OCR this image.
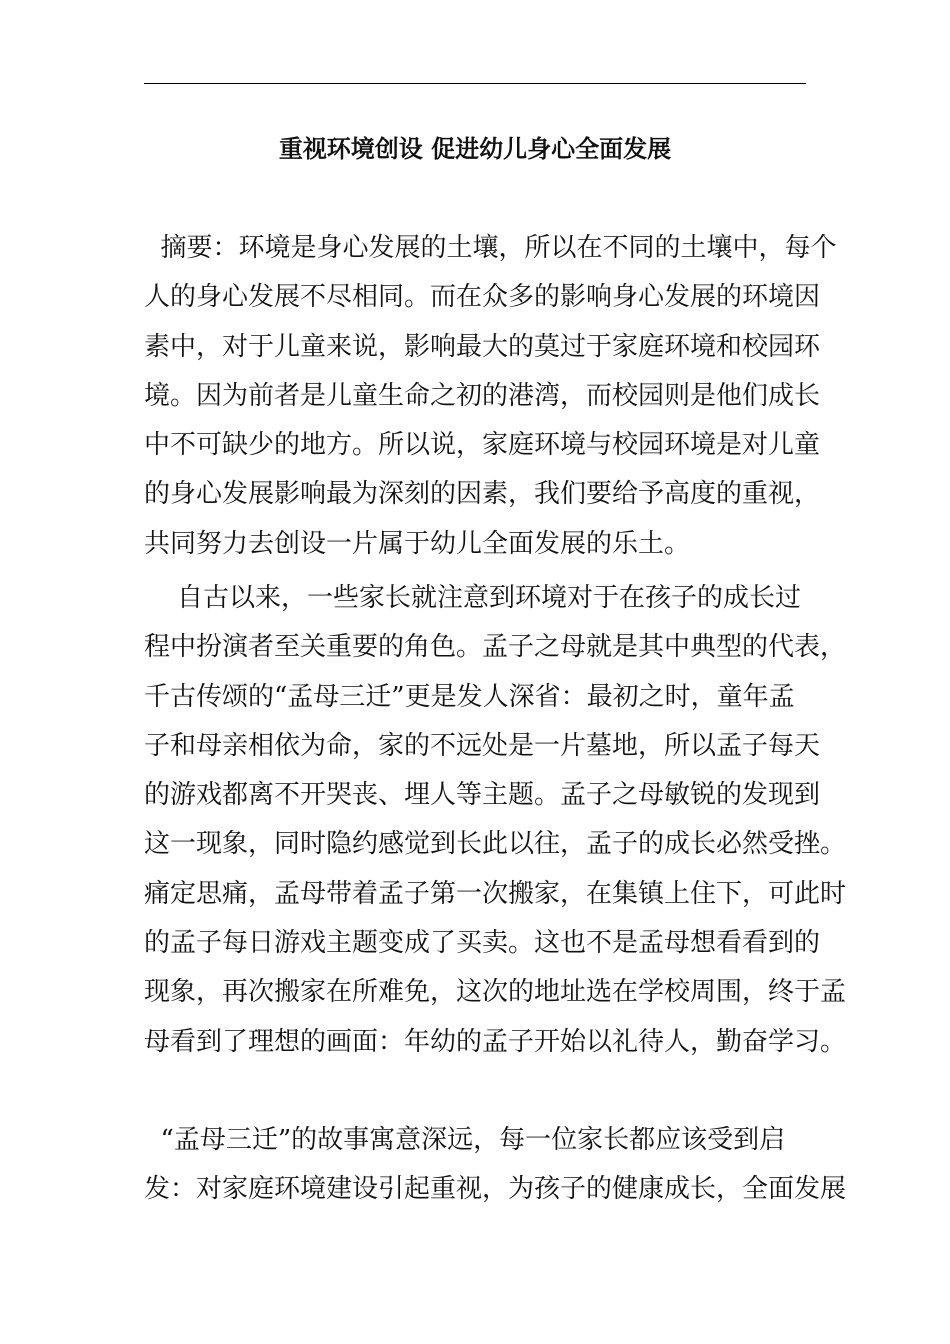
重视环境创设 促进幼儿身心全面发展
摘要：环境是身心发展的土壤，所以在不同的土壤中，每个
人的身心发展不尽相同。而在众多的影响身心发展的环境因
素中，对于儿童来说，影响最大的莫过于家庭环境和校园环
境。因为前者是儿童生命之初的港湾，而校园则是他们成长
中不可缺少的地方。所以说，家庭环境与校园环境是对儿童
的身心发展影响最为深刻的因素，我们要给予高度的重视，
共同努力去创设一片属于幼儿全面发展的乐土。
自古以来，一些家长就注意到环境对于在孩子的成长过
程中扮演者至关重要的角色。孟子之母就是其中典型的代表，
千古传颂的“孟母三迁”更是发人深省：最初之时，童年孟
子和母亲相依为命，家的不远处是一片墓地，所以孟子每天
的游戏都离不开哭丧、埋人等主题。孟子之母敏锐的发现到
这一现象，同时隐约感觉到长此以往，孟子的成长必然受挫。
痛定思痛，孟母带着孟子第一次搬家，在集镇上住下，可此时
的孟子每日游戏主题变成了买卖。这也不是孟母想看看到的
现象，再次搬家在所难免，这次的地址选在学校周围，终于孟
母看到了理想的画面：年幼的孟子开始以礼待人，勤奋学习。
“孟母三迁”的故事寓意深远，每一位家长都应该受到启
发：对家庭环境建设引起重视，为孩子的健康成长，全面发展
